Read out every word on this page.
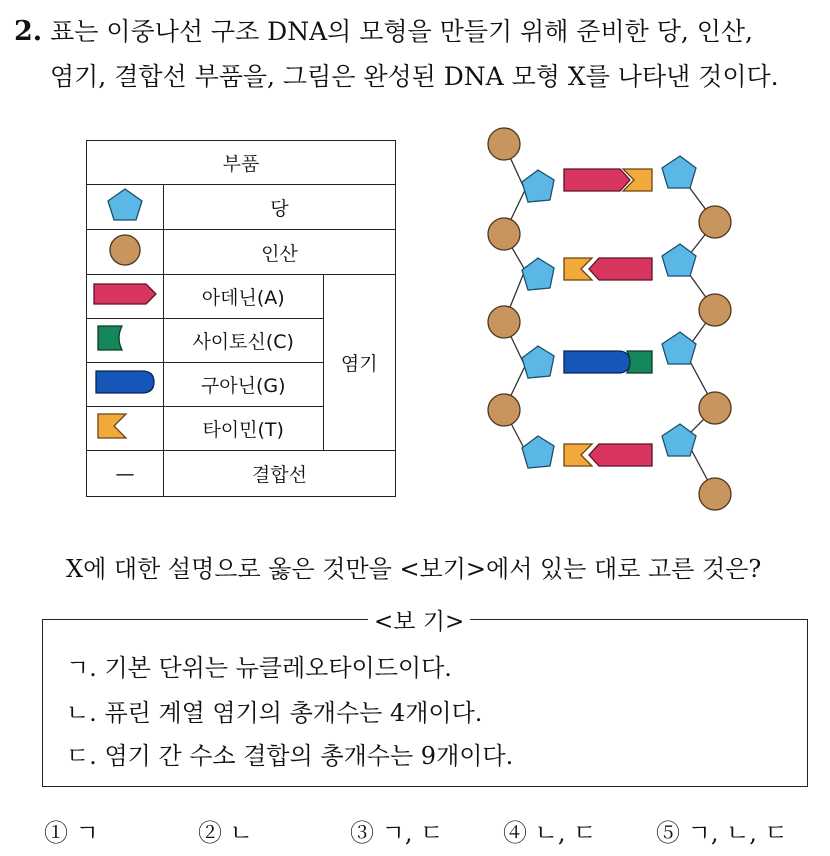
2. 표는 이중나선 구조 DNA의 모형을 만들기 위해 준비한 당, 인산,
염기, 결합선 부품을, 그림은 완성된 DNA 모형 X를 나타낸 것이다.
부품		
	당	
	인산	
	아데닌(A)	염기
	사이토신(C)	
	구아닌(G)	
	타이민(T)	
—	결합선	
X에 대한 설명으로 옳은 것만을 <보기>에서 있는 대로 고른 것은?
<보 기>
ㄱ. 기본 단위는 뉴클레오타이드이다.
ㄴ. 퓨린 계열 염기의 총개수는 4개이다.
ㄷ. 염기 간 수소 결합의 총개수는 9개이다.
① ㄱ	② ㄴ	③ ㄱ, ㄷ ④ ㄴ, ㄷ ⑤ ㄱ, ㄴ, ㄷ
